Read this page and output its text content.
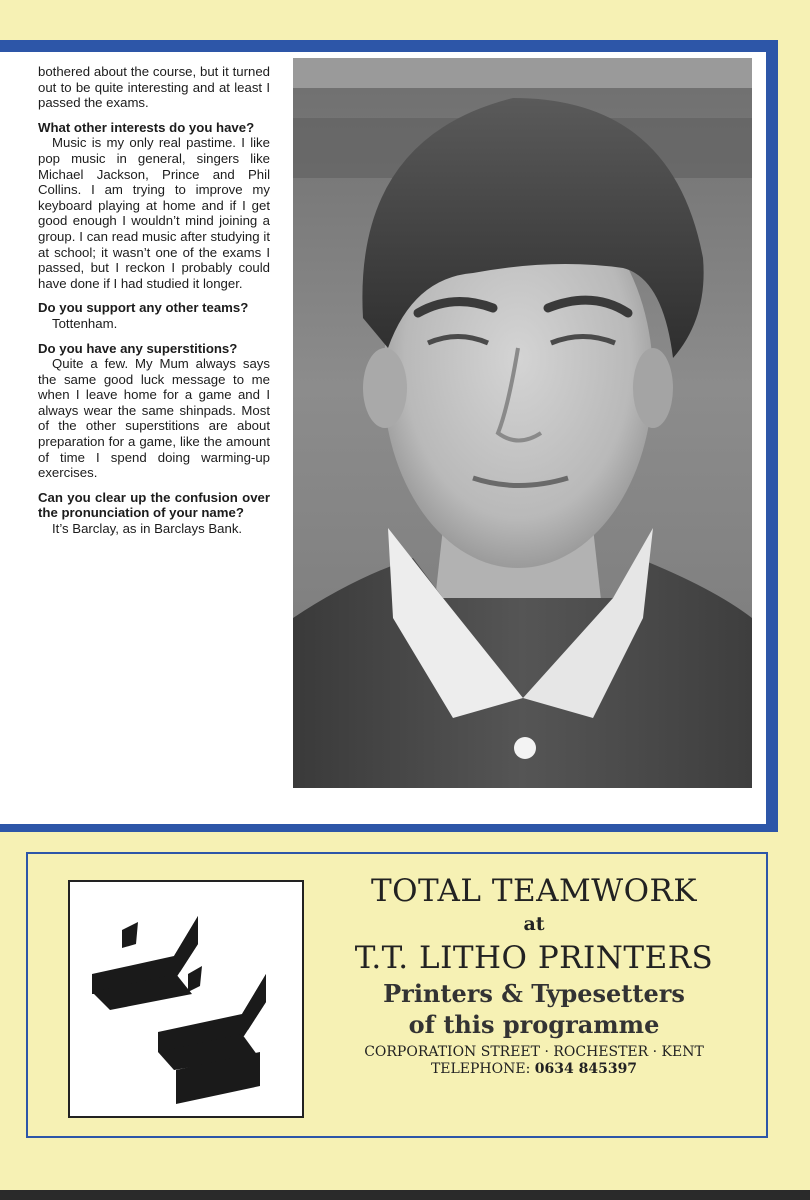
bothered about the course, but it turned out to be quite interesting and at least I passed the exams.

What other interests do you have?

Music is my only real pastime. I like pop music in general, singers like Michael Jackson, Prince and Phil Collins. I am trying to improve my keyboard playing at home and if I get good enough I wouldn’t mind joining a group. I can read music after studying it at school; it wasn’t one of the exams I passed, but I reckon I probably could have done if I had studied it longer.

Do you support any other teams?

Tottenham.

Do you have any superstitions?

Quite a few. My Mum always says the same good luck message to me when I leave home for a game and I always wear the same shinpads. Most of the other superstitions are about preparation for a game, like the amount of time I spend doing warming-up exercises.

Can you clear up the confusion over the pronunciation of your name?

It’s Barclay, as in Barclays Bank.

TOTAL TEAMWORK
at
T.T. LITHO PRINTERS
Printers & Typesetters
of this programme
CORPORATION STREET · ROCHESTER · KENT
TELEPHONE: 0634 845397
